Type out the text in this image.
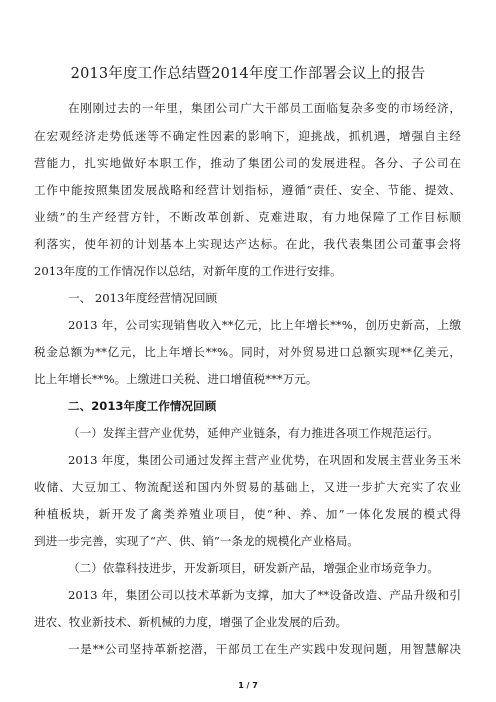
2013年度工作总结暨2014年度工作部署会议上的报告
在刚刚过去的一年里，集团公司广大干部员工面临复杂多变的市场经济，
在宏观经济走势低迷等不确定性因素的影响下，迎挑战，抓机遇，增强自主经
营能力，扎实地做好本职工作，推动了集团公司的发展进程。各分、子公司在
工作中能按照集团发展战略和经营计划指标，遵循“责任、安全、节能、提效、
业绩”的生产经营方针，不断改革创新、克难进取，有力地保障了工作目标顺
利落实，使年初的计划基本上实现达产达标。在此，我代表集团公司董事会将
2013年度的工作情况作以总结，对新年度的工作进行安排。
一、 2013年度经营情况回顾
2013 年，公司实现销售收入**亿元，比上年增长**%，创历史新高，上缴
税金总额为**亿元，比上年增长**%。同时，对外贸易进口总额实现**亿美元，
比上年增长**%。上缴进口关税、进口增值税***万元。
二、2013年度工作情况回顾
（一）发挥主营产业优势，延伸产业链条，有力推进各项工作规范运行。
2013 年度，集团公司通过发挥主营产业优势，在巩固和发展主营业务玉米
收储、大豆加工、物流配送和国内外贸易的基础上，又进一步扩大充实了农业
种植板块，新开发了禽类养殖业项目，使“种、养、加”一体化发展的模式得
到进一步完善，实现了“产、供、销”一条龙的规模化产业格局。
（二）依靠科技进步，开发新项目，研发新产品，增强企业市场竞争力。
2013 年，集团公司以技术革新为支撑，加大了**设备改造、产品升级和引
进农、牧业新技术、新机械的力度，增强了企业发展的后劲。
一是**公司坚持革新挖潜，干部员工在生产实践中发现问题，用智慧解决
1 / 7
